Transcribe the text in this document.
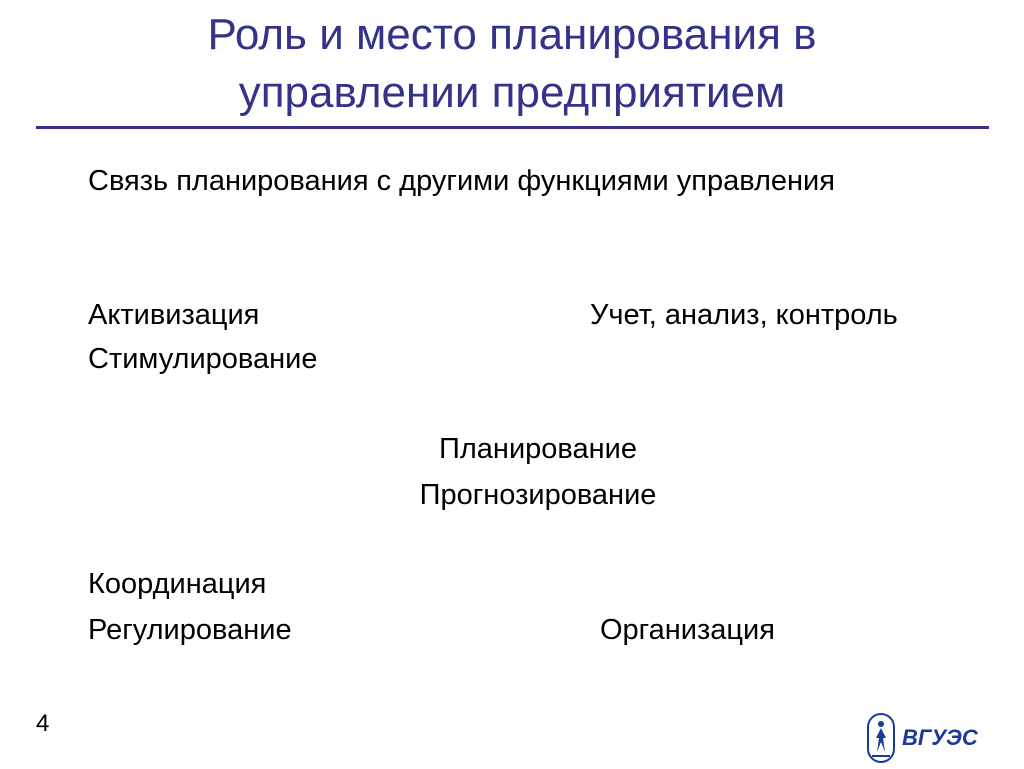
Роль и место планирования в
управлении предприятием
Связь планирования с другими функциями управления
Активизация
Стимулирование
Учет, анализ, контроль
Планирование
Прогнозирование
Координация
Регулирование	Организация
4
ВГУЭС
